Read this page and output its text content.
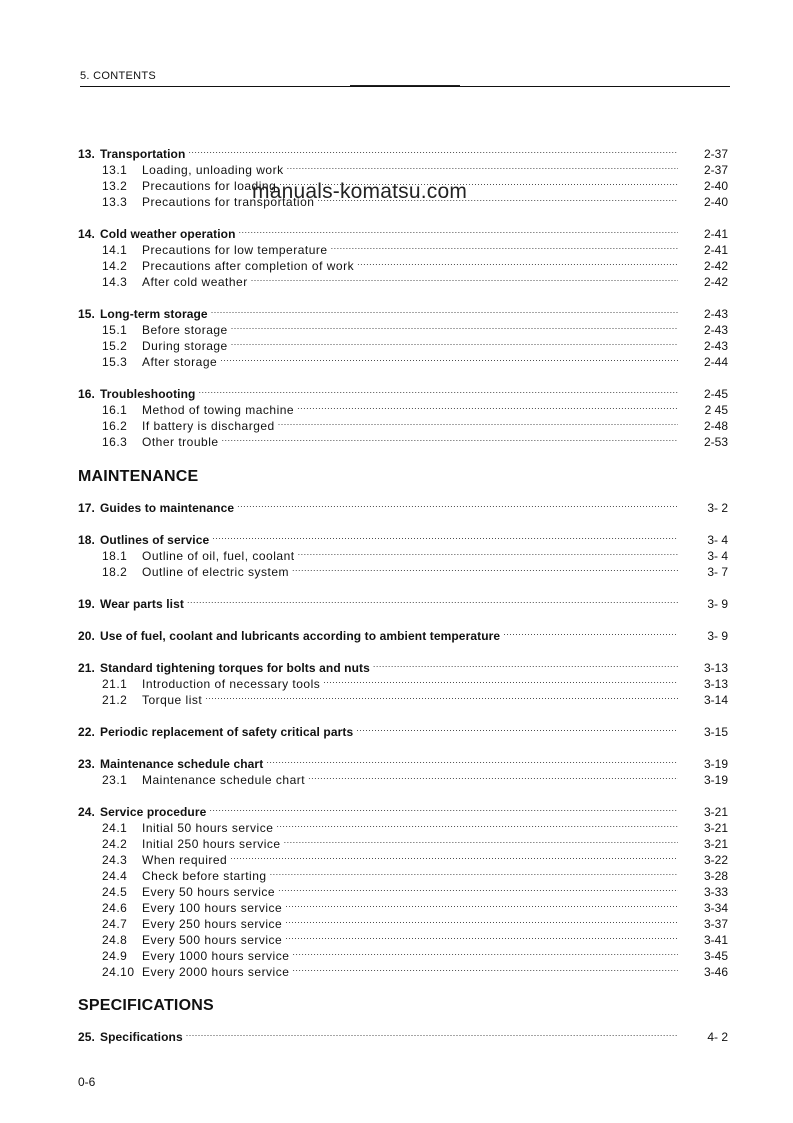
5. CONTENTS
13. Transportation .....	2-37
13.1	Loading, unloading work .....	2-37
13.2	Precautions for loading .....	2-40
13.3	Precautions for transportation .....	2-40
14. Cold weather operation .....	2-41
14.1	Precautions for low temperature .....	2-41
14.2	Precautions after completion of work .....	2-42
14.3	After cold weather .....	2-42
15. Long-term storage .....	2-43
15.1	Before storage .....	2-43
15.2	During storage .....	2-43
15.3	After storage .....	2-44
16. Troubleshooting .....	2-45
16.1	Method of towing machine .....	2 45
16.2	If battery is discharged .....	2-48
16.3	Other trouble .....	2-53
MAINTENANCE
17. Guides to maintenance .....	3- 2
18. Outlines of service .....	3- 4
18.1	Outline of oil, fuel, coolant .....	3- 4
18.2	Outline of electric system .....	3- 7
19. Wear parts list .....	3- 9
20. Use of fuel, coolant and lubricants according to ambient temperature .....	3- 9
21. Standard tightening torques for bolts and nuts .....	3-13
21.1	Introduction of necessary tools .....	3-13
21.2	Torque list .....	3-14
22. Periodic replacement of safety critical parts .....	3-15
23. Maintenance schedule chart .....	3-19
23.1	Maintenance schedule chart .....	3-19
24. Service procedure .....	3-21
24.1	Initial 50 hours service .....	3-21
24.2	Initial 250 hours service .....	3-21
24.3	When required .....	3-22
24.4	Check before starting .....	3-28
24.5	Every 50 hours service .....	3-33
24.6	Every 100 hours service .....	3-34
24.7	Every 250 hours service .....	3-37
24.8	Every 500 hours service .....	3-41
24.9	Every 1000 hours service .....	3-45
24.10 Every 2000 hours service .....	3-46
SPECIFICATIONS
25. Specifications .....	4- 2
manuals-komatsu.com
0-6
